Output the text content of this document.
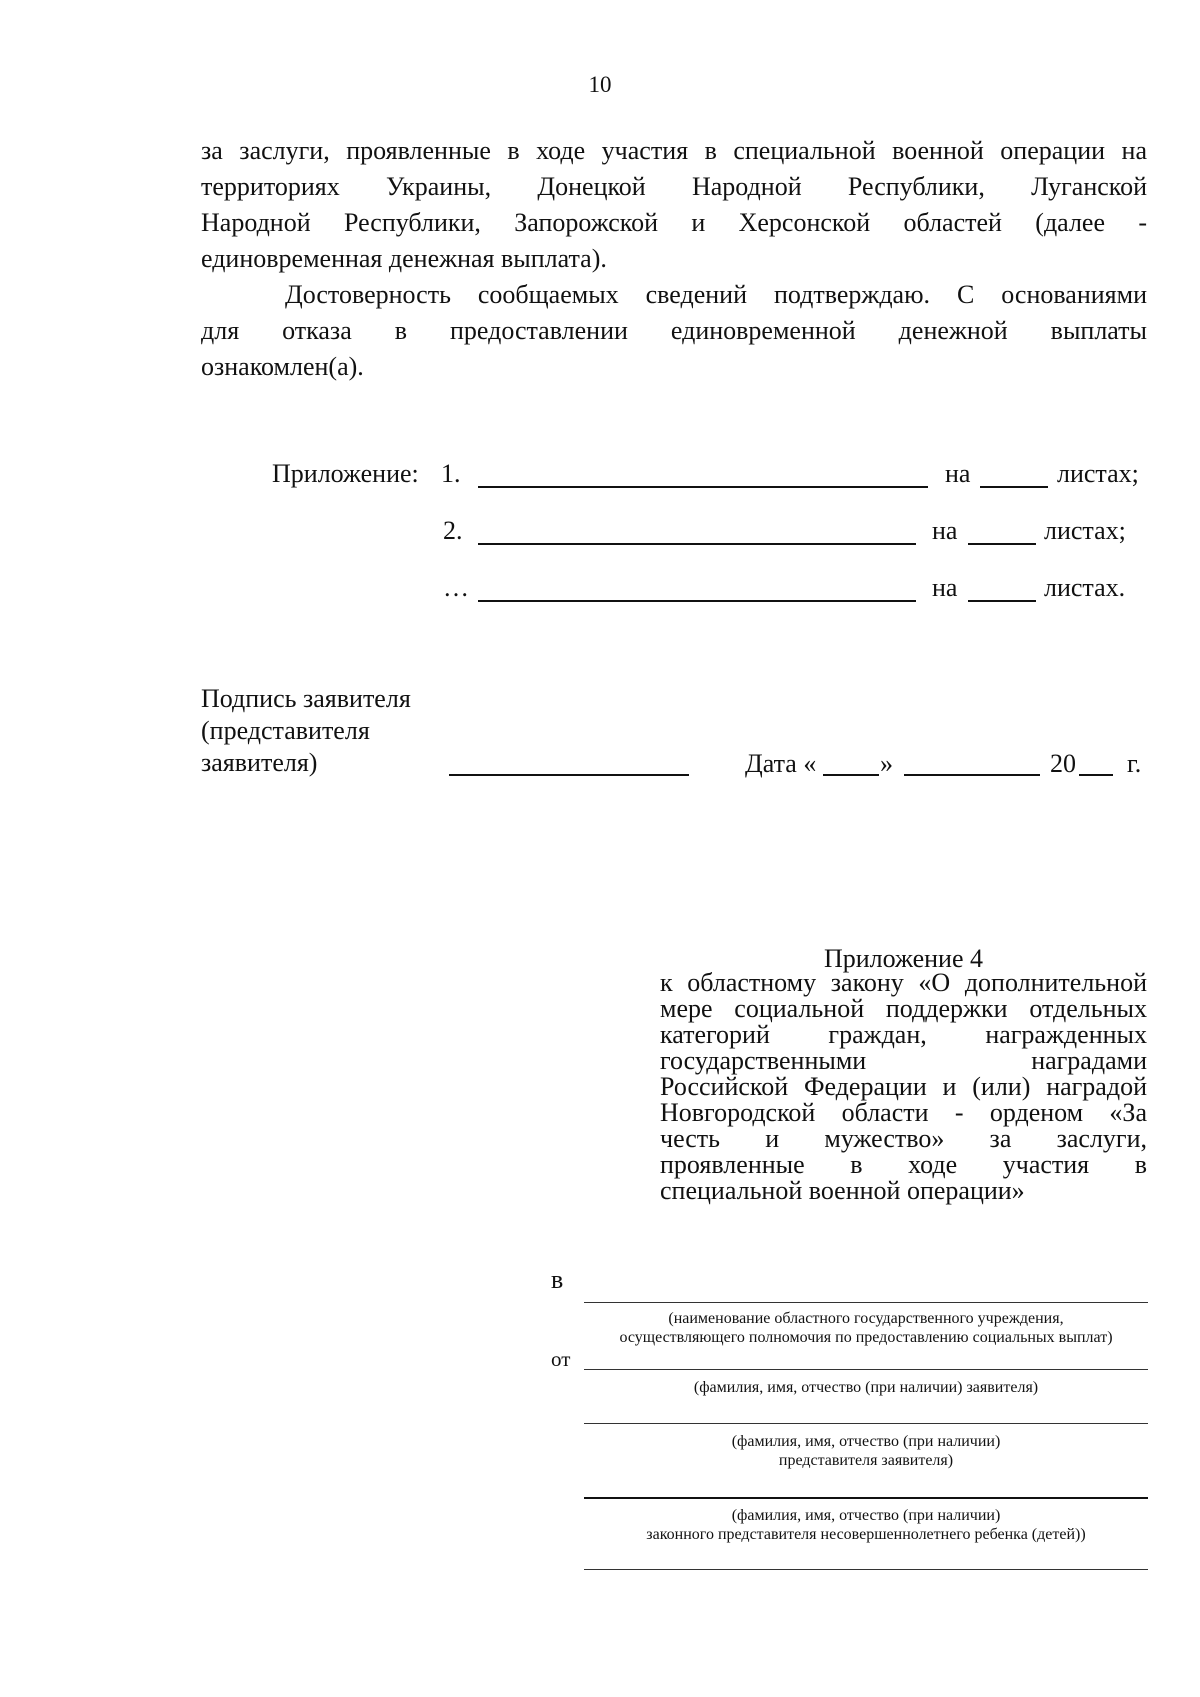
10
за заслуги, проявленные в ходе участия в специальной военной операции на
территориях Украины, Донецкой Народной Республики, Луганской
Народной Республики, Запорожской и Херсонской областей (далее -
единовременная денежная выплата).
Достоверность сообщаемых сведений подтверждаю. С основаниями
для отказа в предоставлении единовременной денежной выплаты
ознакомлен(а).
Приложение: 1.	на	листах;
2.	на	листах;
…	на	листах.
Подпись заявителя
(представителя
заявителя)	Дата « »	20 г.
Приложение 4
к областному закону «О дополнительной
мере социальной поддержки отдельных
категорий граждан, награжденных
государственными наградами
Российской Федерации и (или) наградой
Новгородской области - орденом «За
честь и мужество» за заслуги,
проявленные в ходе участия в
специальной военной операции»
в
(наименование областного государственного учреждения,
осуществляющего полномочия по предоставлению социальных выплат)
от
(фамилия, имя, отчество (при наличии) заявителя)
(фамилия, имя, отчество (при наличии)
представителя заявителя)
(фамилия, имя, отчество (при наличии)
законного представителя несовершеннолетнего ребенка (детей))
